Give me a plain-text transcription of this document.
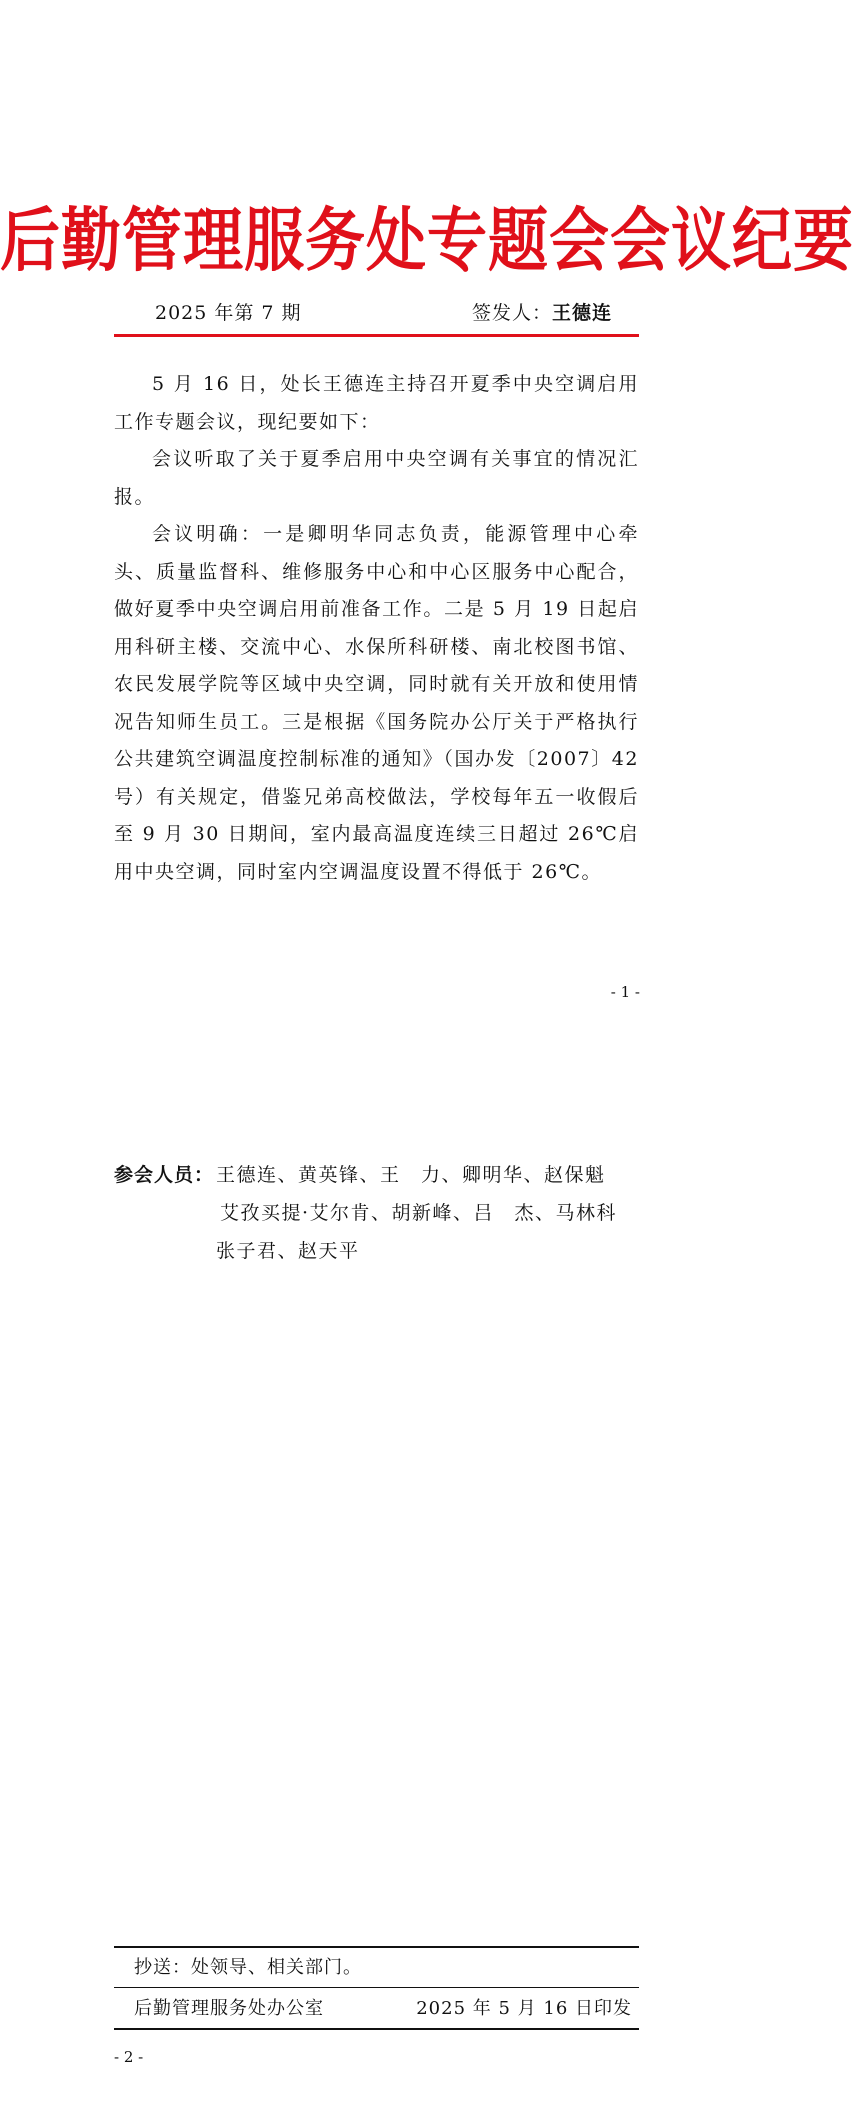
后勤管理服务处专题会会议纪要
2025 年第 7 期	签发人：王德连

5 月 16 日，处长王德连主持召开夏季中央空调启用工作专题会议，现纪要如下：

会议听取了关于夏季启用中央空调有关事宜的情况汇报。

会议明确：一是卿明华同志负责，能源管理中心牵头、质量监督科、维修服务中心和中心区服务中心配合，做好夏季中央空调启用前准备工作。二是 5 月 19 日起启用科研主楼、交流中心、水保所科研楼、南北校图书馆、农民发展学院等区域中央空调，同时就有关开放和使用情况告知师生员工。三是根据《国务院办公厅关于严格执行公共建筑空调温度控制标准的通知》（国办发〔2007〕42 号）有关规定，借鉴兄弟高校做法，学校每年五一收假后至 9 月 30 日期间，室内最高温度连续三日超过 26℃启用中央空调，同时室内空调温度设置不得低于 26℃。

- 1 -
参会人员： 王德连、黄英锋、王　力、卿明华、赵保魁
艾孜买提·艾尔肯、胡新峰、吕　杰、马林科
张子君、赵天平
抄送：处领导、相关部门。
后勤管理服务处办公室	2025 年 5 月 16 日印发
- 2 -
